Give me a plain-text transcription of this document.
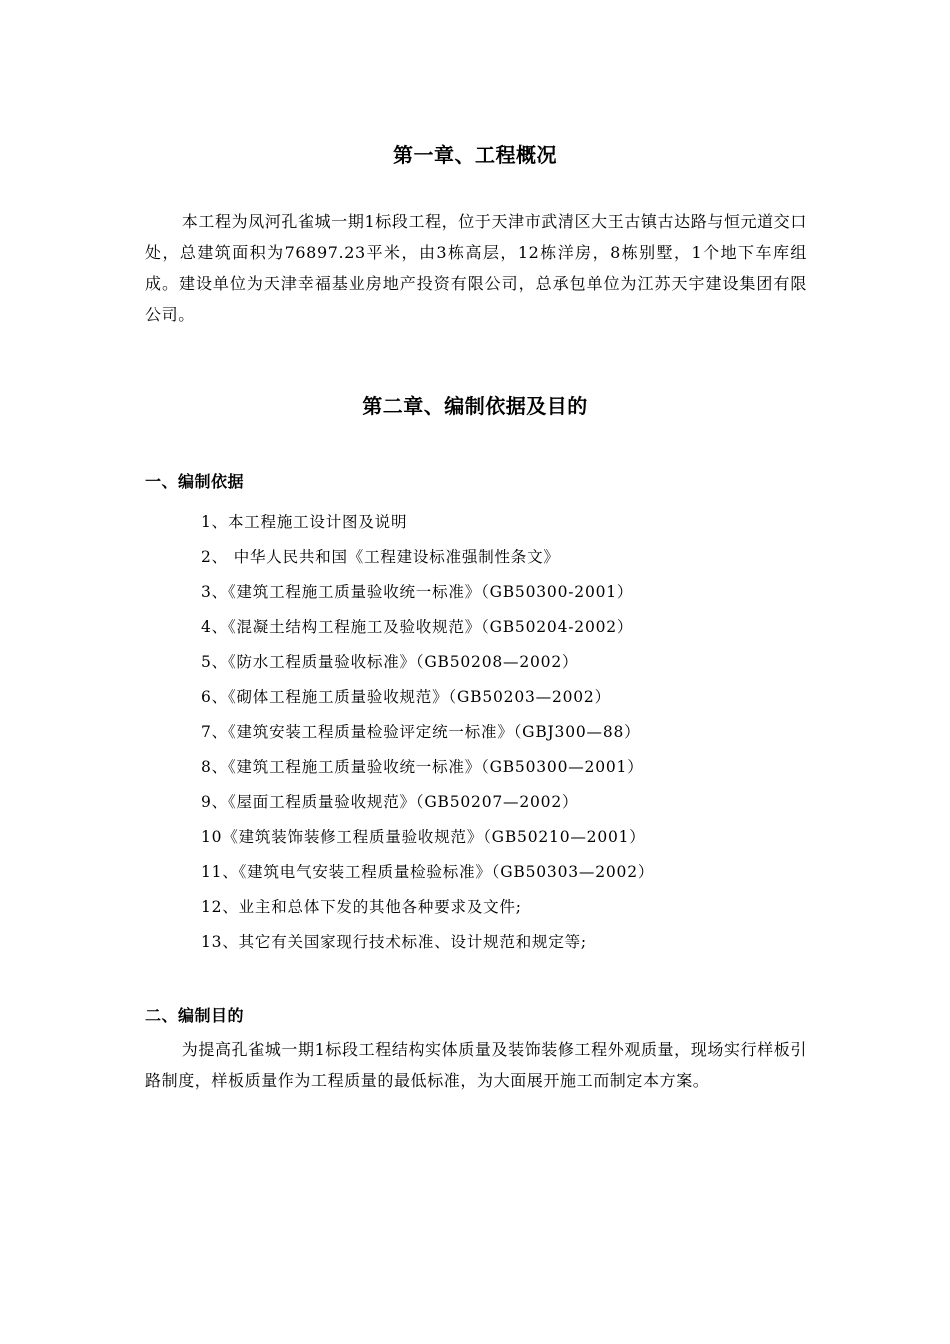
第一章、工程概况
本工程为凤河孔雀城一期1标段工程，位于天津市武清区大王古镇古达路与恒元道交口处，总建筑面积为76897.23平米，由3栋高层，12栋洋房，8栋别墅，1个地下车库组成。建设单位为天津幸福基业房地产投资有限公司，总承包单位为江苏天宇建设集团有限公司。
第二章、编制依据及目的
一、编制依据
1、本工程施工设计图及说明
2、 中华人民共和国《工程建设标准强制性条文》
3、《建筑工程施工质量验收统一标准》（GB50300-2001）
4、《混凝土结构工程施工及验收规范》（GB50204-2002）
5、《防水工程质量验收标准》（GB50208—2002）
6、《砌体工程施工质量验收规范》（GB50203—2002）
7、《建筑安装工程质量检验评定统一标准》（GBJ300—88）
8、《建筑工程施工质量验收统一标准》（GB50300—2001）
9、《屋面工程质量验收规范》（GB50207—2002）
10《建筑装饰装修工程质量验收规范》（GB50210—2001）
11、《建筑电气安装工程质量检验标准》（GB50303—2002）
12、业主和总体下发的其他各种要求及文件;
13、其它有关国家现行技术标准、设计规范和规定等;
二、编制目的
为提高孔雀城一期1标段工程结构实体质量及装饰装修工程外观质量，现场实行样板引路制度，样板质量作为工程质量的最低标准，为大面展开施工而制定本方案。
